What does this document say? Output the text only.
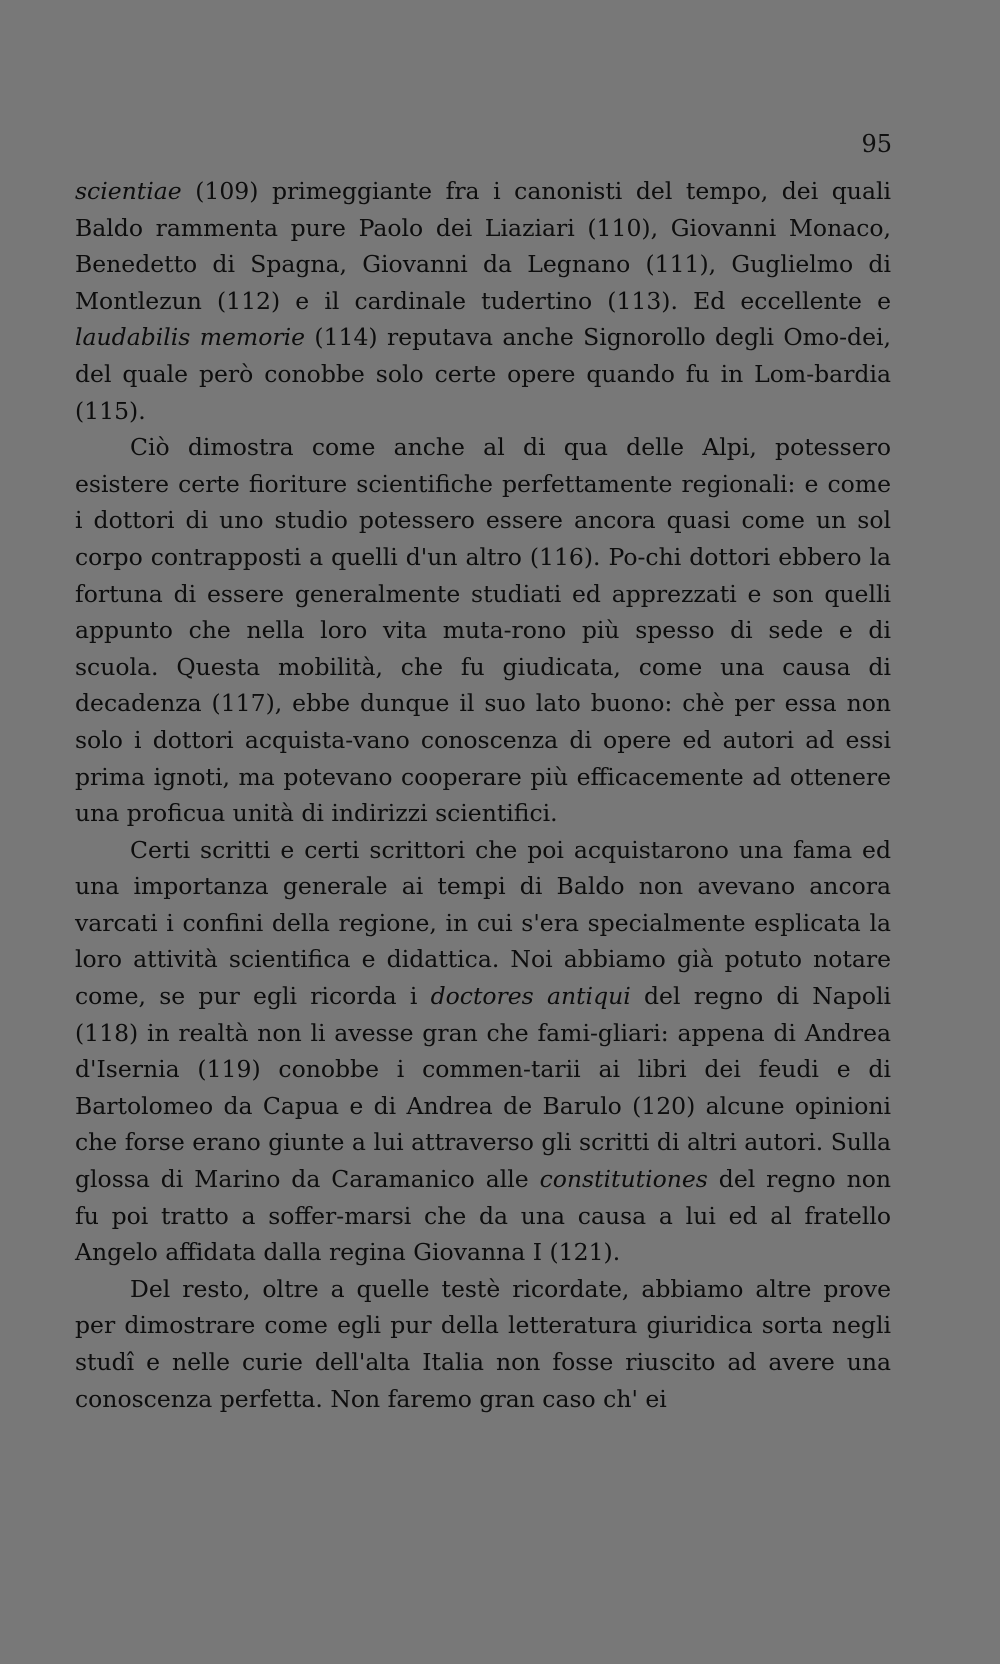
95

scientiae (109) primeggiante fra i canonisti del tempo, dei quali Baldo rammenta pure Paolo dei Liaziari (110), Giovanni Monaco, Benedetto di Spagna, Giovanni da Legnano (111), Guglielmo di Montlezun (112) e il cardinale tudertino (113). Ed eccellente e laudabilis memorie (114) reputava anche Signorollo degli Omo-dei, del quale però conobbe solo certe opere quando fu in Lom-bardia (115).

Ciò dimostra come anche al di qua delle Alpi, potessero esistere certe fioriture scientifiche perfettamente regionali: e come i dottori di uno studio potessero essere ancora quasi come un sol corpo contrapposti a quelli d'un altro (116). Po-chi dottori ebbero la fortuna di essere generalmente studiati ed apprezzati e son quelli appunto che nella loro vita muta-rono più spesso di sede e di scuola. Questa mobilità, che fu giudicata, come una causa di decadenza (117), ebbe dunque il suo lato buono: chè per essa non solo i dottori acquista-vano conoscenza di opere ed autori ad essi prima ignoti, ma potevano cooperare più efficacemente ad ottenere una proficua unità di indirizzi scientifici.

Certi scritti e certi scrittori che poi acquistarono una fama ed una importanza generale ai tempi di Baldo non avevano ancora varcati i confini della regione, in cui s'era specialmente esplicata la loro attività scientifica e didattica. Noi abbiamo già potuto notare come, se pur egli ricorda i doctores antiqui del regno di Napoli (118) in realtà non li avesse gran che fami-gliari: appena di Andrea d'Isernia (119) conobbe i commen-tarii ai libri dei feudi e di Bartolomeo da Capua e di Andrea de Barulo (120) alcune opinioni che forse erano giunte a lui attraverso gli scritti di altri autori. Sulla glossa di Marino da Caramanico alle constitutiones del regno non fu poi tratto a soffer-marsi che da una causa a lui ed al fratello Angelo affidata dalla regina Giovanna I (121).

Del resto, oltre a quelle testè ricordate, abbiamo altre prove per dimostrare come egli pur della letteratura giuridica sorta negli studî e nelle curie dell'alta Italia non fosse riuscito ad avere una conoscenza perfetta. Non faremo gran caso ch' ei
